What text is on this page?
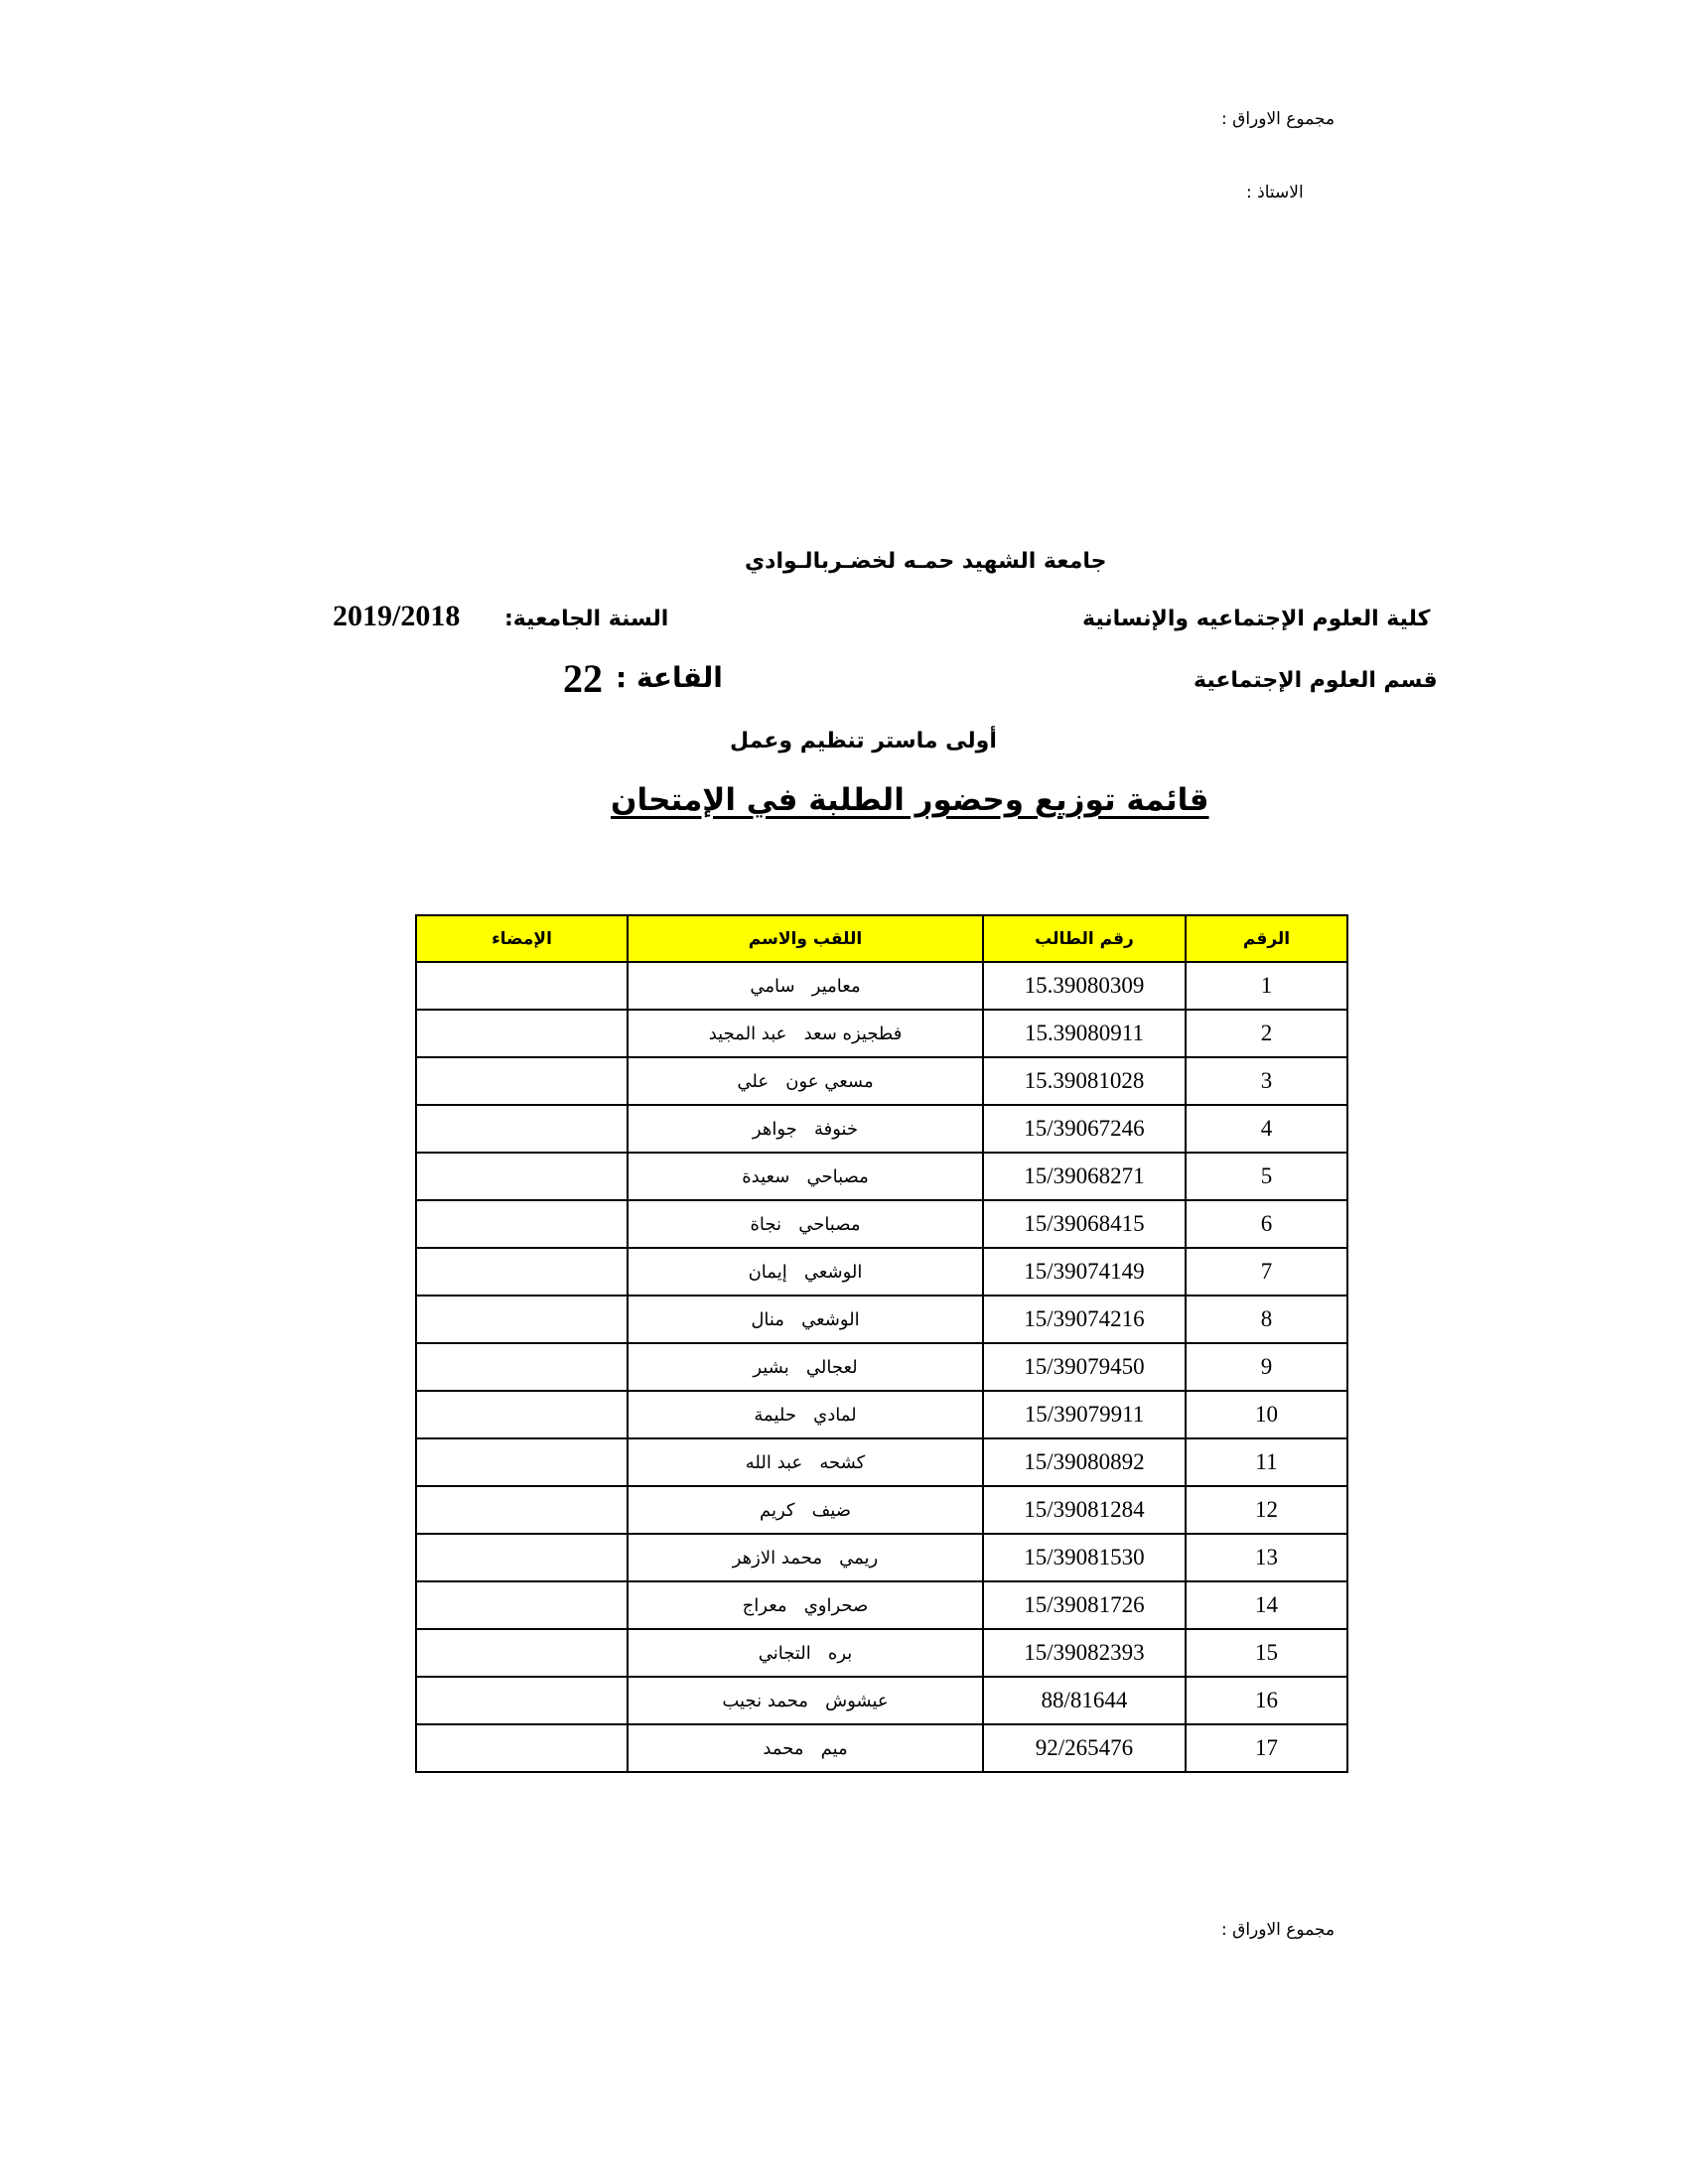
مجموع الاوراق :
الاستاذ :
جامعة الشهيد حمـه لخضـربالـوادي
كلية العلوم الإجتماعيه والإنسانية
السنة الجامعية:
2019/2018
قسم العلوم الإجتماعية
القاعة :
22
أولى ماستر تنظيم وعمل
قائمة توزيع وحضور الطلبة في الإمتحان
الرقم	رقم الطالب	اللقب والاسم	الإمضاء
1	15.39080309	معامير   سامي	
2	15.39080911	فطجيزه سعد   عبد المجيد	
3	15.39081028	مسعي عون   علي	
4	15/39067246	خنوفة   جواهر	
5	15/39068271	مصباحي   سعيدة	
6	15/39068415	مصباحي   نجاة	
7	15/39074149	الوشعي   إيمان	
8	15/39074216	الوشعي   منال	
9	15/39079450	لعجالي   بشير	
10	15/39079911	لمادي   حليمة	
11	15/39080892	كشحه   عبد الله	
12	15/39081284	ضيف   كريم	
13	15/39081530	ريمي   محمد الازهر	
14	15/39081726	صحراوي   معراج	
15	15/39082393	بره   التجاني	
16	88/81644	عيشوش   محمد نجيب	
17	92/265476	ميم   محمد	
مجموع الاوراق :
